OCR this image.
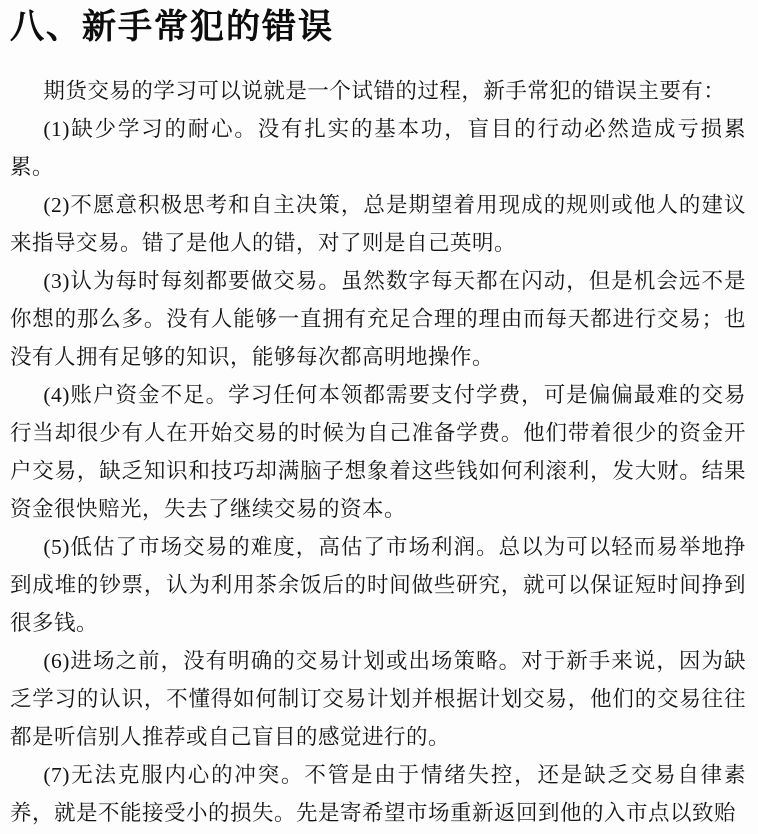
八、新手常犯的错误

期货交易的学习可以说就是一个试错的过程，新手常犯的错误主要有：

(1)缺少学习的耐心。没有扎实的基本功，盲目的行动必然造成亏损累累。

(2)不愿意积极思考和自主决策，总是期望着用现成的规则或他人的建议来指导交易。错了是他人的错，对了则是自己英明。

(3)认为每时每刻都要做交易。虽然数字每天都在闪动，但是机会远不是你想的那么多。没有人能够一直拥有充足合理的理由而每天都进行交易；也没有人拥有足够的知识，能够每次都高明地操作。

(4)账户资金不足。学习任何本领都需要支付学费，可是偏偏最难的交易行当却很少有人在开始交易的时候为自己准备学费。他们带着很少的资金开户交易，缺乏知识和技巧却满脑子想象着这些钱如何利滚利，发大财。结果资金很快赔光，失去了继续交易的资本。

(5)低估了市场交易的难度，高估了市场利润。总以为可以轻而易举地挣到成堆的钞票，认为利用茶余饭后的时间做些研究，就可以保证短时间挣到很多钱。

(6)进场之前，没有明确的交易计划或出场策略。对于新手来说，因为缺乏学习的认识，不懂得如何制订交易计划并根据计划交易，他们的交易往往都是听信别人推荐或自己盲目的感觉进行的。

(7)无法克服内心的冲突。不管是由于情绪失控，还是缺乏交易自律素养，就是不能接受小的损失。先是寄希望市场重新返回到他的入市点以致贻
